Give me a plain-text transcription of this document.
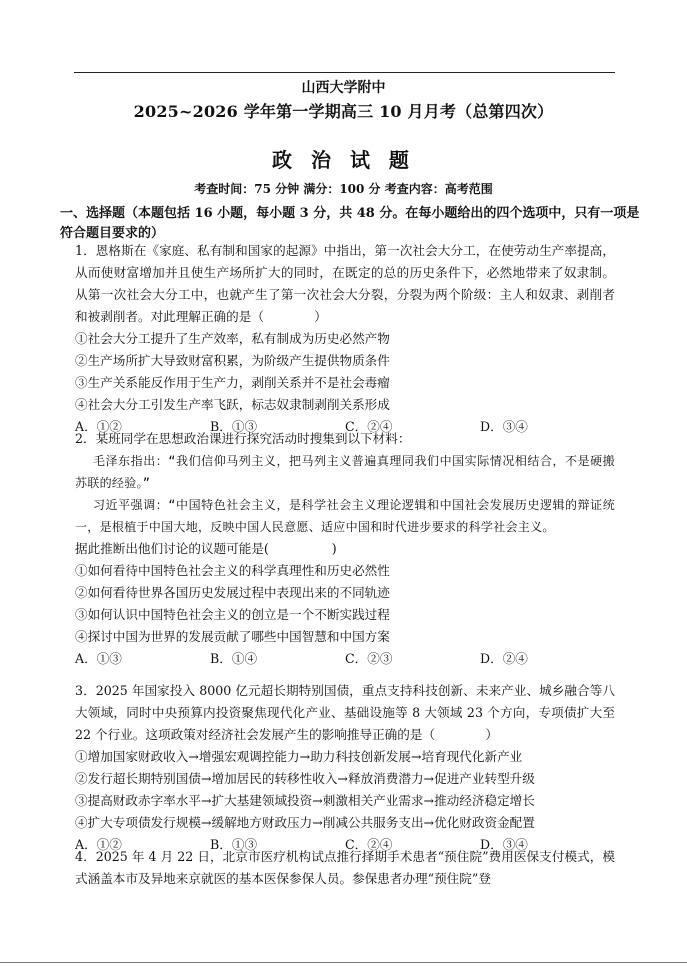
山西大学附中
2025~2026 学年第一学期高三 10 月月考（总第四次）
政 治 试 题
考查时间：75 分钟 满分：100 分 考查内容：高考范围
一、选择题（本题包括 16 小题，每小题 3 分，共 48 分。在每小题给出的四个选项中，只有一项是符合题目要求的）

1．恩格斯在《家庭、私有制和国家的起源》中指出，第一次社会大分工，在使劳动生产率提高，从而使财富增加并且使生产场所扩大的同时，在既定的总的历史条件下，必然地带来了奴隶制。从第一次社会大分工中，也就产生了第一次社会大分裂，分裂为两个阶级：主人和奴隶、剥削者和被剥削者。对此理解正确的是（　　　　）

①社会大分工提升了生产效率，私有制成为历史必然产物

②生产场所扩大导致财富积累，为阶级产生提供物质条件

③生产关系能反作用于生产力，剥削关系并不是社会毒瘤

④社会大分工引发生产率飞跃，标志奴隶制剥削关系形成

A．①②	B．①③	C．②④	D．③④

2．某班同学在思想政治课进行探究活动时搜集到以下材料：

毛泽东指出：“我们信仰马列主义，把马列主义普遍真理同我们中国实际情况相结合，不是硬搬苏联的经验。”

习近平强调：“中国特色社会主义，是科学社会主义理论逻辑和中国社会发展历史逻辑的辩证统一，是根植于中国大地，反映中国人民意愿、适应中国和时代进步要求的科学社会主义。

据此推断出他们讨论的议题可能是(　　　　　)

①如何看待中国特色社会主义的科学真理性和历史必然性

②如何看待世界各国历史发展过程中表现出来的不同轨迹

③如何认识中国特色社会主义的创立是一个不断实践过程

④探讨中国为世界的发展贡献了哪些中国智慧和中国方案

A．①③	B．①④	C．②③	D．②④

3．2025 年国家投入 8000 亿元超长期特别国债，重点支持科技创新、未来产业、城乡融合等八大领域，同时中央预算内投资聚焦现代化产业、基础设施等 8 大领域 23 个方向，专项债扩大至 22 个行业。这项政策对经济社会发展产生的影响推导正确的是（　　　　）

①增加国家财政收入→增强宏观调控能力→助力科技创新发展→培育现代化新产业

②发行超长期特别国债→增加居民的转移性收入→释放消费潜力→促进产业转型升级

③提高财政赤字率水平→扩大基建领域投资→刺激相关产业需求→推动经济稳定增长

④扩大专项债发行规模→缓解地方财政压力→削减公共服务支出→优化财政资金配置

A．①②	B．①③	C．②④	D．③④

4．2025 年 4 月 22 日，北京市医疗机构试点推行择期手术患者“预住院”费用医保支付模式，模式涵盖本市及异地来京就医的基本医保参保人员。参保患者办理“预住院”登
